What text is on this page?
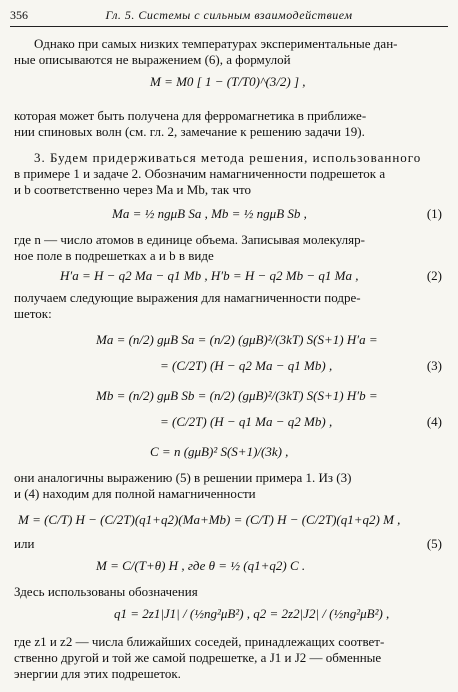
356	Гл. 5. Системы с сильным взаимодействием
Однако при самых низких температурах экспериментальные дан-
ные описываются не выражением (6), а формулой
M = M0 [ 1 − (T/T0)^(3/2) ] ,
которая может быть получена для ферромагнетика в приближе-
нии спиновых волн (см. гл. 2, замечание к решению задачи 19).
3. Будем придерживаться метода решения, использованного
в примере 1 и задаче 2. Обозначим намагниченности подрешеток a
и b соответственно через Ma и Mb, так что
Ma = ½ ngμB Sa , Mb = ½ ngμB Sb ,	(1)
где n — число атомов в единице объема. Записывая молекуляр-
ное поле в подрешетках a и b в виде
H′a = H − q2 Ma − q1 Mb , H′b = H − q2 Mb − q1 Ma ,	(2)
получаем следующие выражения для намагниченности подре-
шеток:
Ma = (n/2) gμB Sa = (n/2) (gμB)²/(3kT) S(S+1) H′a =
= (C/2T) (H − q2 Ma − q1 Mb) ,	(3)
Mb = (n/2) gμB Sb = (n/2) (gμB)²/(3kT) S(S+1) H′b =
= (C/2T) (H − q1 Ma − q2 Mb) ,	(4)
C = n (gμB)² S(S+1)/(3k) ,
они аналогичны выражению (5) в решении примера 1. Из (3)
и (4) находим для полной намагниченности
M = (C/T) H − (C/2T)(q1+q2)(Ma+Mb) = (C/T) H − (C/2T)(q1+q2) M ,
или	(5)
M = C/(T+θ) H , где θ = ½ (q1+q2) C .
Здесь использованы обозначения
q1 = 2z1|J1| / (½ng²μB²) , q2 = 2z2|J2| / (½ng²μB²) ,
где z1 и z2 — числа ближайших соседей, принадлежащих соответ-
ственно другой и той же самой подрешетке, а J1 и J2 — обменные
энергии для этих подрешеток.
